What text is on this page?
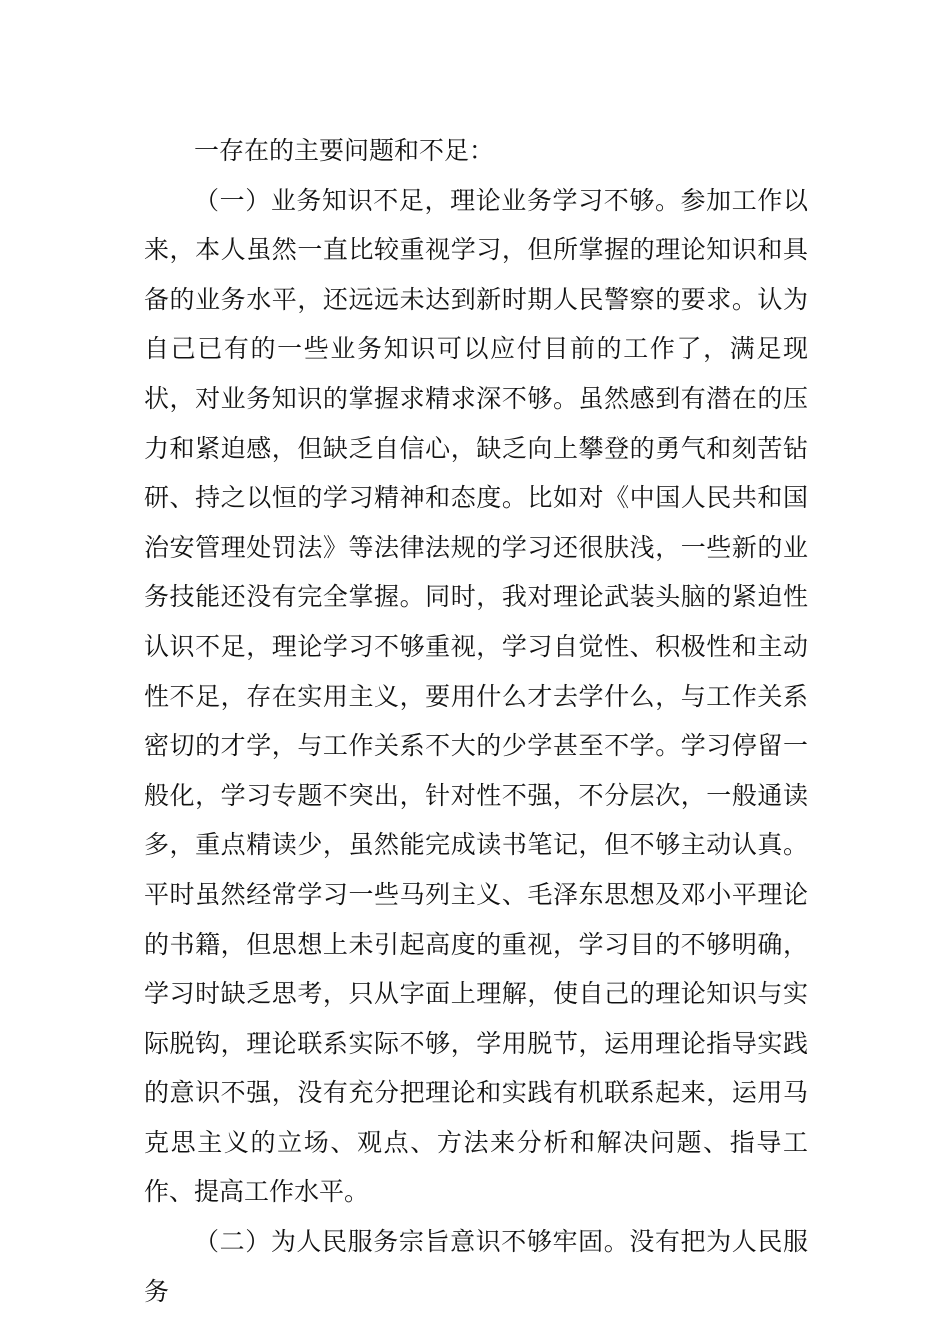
一存在的主要问题和不足：

（一）业务知识不足，理论业务学习不够。参加工作以来，本人虽然一直比较重视学习，但所掌握的理论知识和具备的业务水平，还远远未达到新时期人民警察的要求。认为自己已有的一些业务知识可以应付目前的工作了，满足现状，对业务知识的掌握求精求深不够。虽然感到有潜在的压力和紧迫感，但缺乏自信心，缺乏向上攀登的勇气和刻苦钻研、持之以恒的学习精神和态度。比如对《中国人民共和国治安管理处罚法》等法律法规的学习还很肤浅，一些新的业务技能还没有完全掌握。同时，我对理论武装头脑的紧迫性认识不足，理论学习不够重视，学习自觉性、积极性和主动性不足，存在实用主义，要用什么才去学什么，与工作关系密切的才学，与工作关系不大的少学甚至不学。学习停留一般化，学习专题不突出，针对性不强，不分层次，一般通读多，重点精读少，虽然能完成读书笔记，但不够主动认真。平时虽然经常学习一些马列主义、毛泽东思想及邓小平理论的书籍，但思想上未引起高度的重视，学习目的不够明确，学习时缺乏思考，只从字面上理解，使自己的理论知识与实际脱钩，理论联系实际不够，学用脱节，运用理论指导实践的意识不强，没有充分把理论和实践有机联系起来，运用马克思主义的立场、观点、方法来分析和解决问题、指导工作、提高工作水平。

（二）为人民服务宗旨意识不够牢固。没有把为人民服务
